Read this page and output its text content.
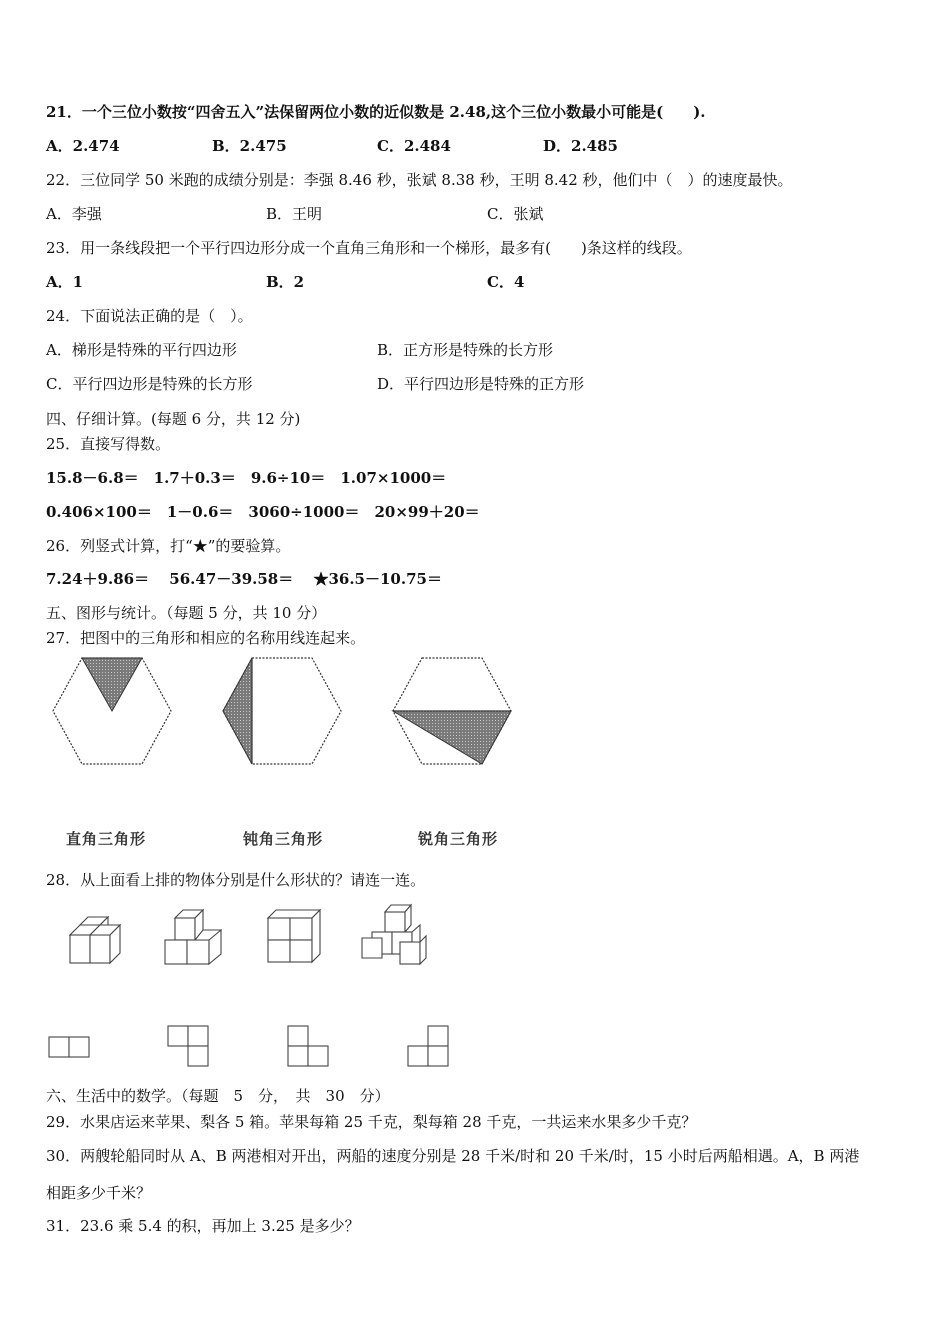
21．一个三位小数按“四舍五入”法保留两位小数的近似数是 2.48,这个三位小数最小可能是(　　).
A．2.474	B．2.475	C．2.484	D．2.485
22．三位同学 50 米跑的成绩分别是：李强 8.46 秒，张斌 8.38 秒，王明 8.42 秒，他们中（　）的速度最快。
A．李强	B．王明	C．张斌
23．用一条线段把一个平行四边形分成一个直角三角形和一个梯形，最多有(　　)条这样的线段。
A．1	B．2	C．4
24．下面说法正确的是（　）。
A．梯形是特殊的平行四边形	B．正方形是特殊的长方形
C．平行四边形是特殊的长方形	D．平行四边形是特殊的正方形
四、仔细计算。(每题 6 分，共 12 分)
25．直接写得数。
15.8－6.8＝　1.7＋0.3＝　9.6÷10＝　1.07×1000＝
0.406×100＝　1－0.6＝　3060÷1000＝　20×99＋20＝
26．列竖式计算，打“★”的要验算。
7.24＋9.86＝　 56.47－39.58＝　 ★36.5－10.75＝
五、图形与统计。（每题 5 分，共 10 分）
27．把图中的三角形和相应的名称用线连起来。
直角三角形	钝角三角形	锐角三角形
28．从上面看上排的物体分别是什么形状的？请连一连。
六、生活中的数学。（每题　5　分，　共　30　分）
29．水果店运来苹果、梨各 5 箱。苹果每箱 25 千克，梨每箱 28 千克，一共运来水果多少千克？
30．两艘轮船同时从 A、B 两港相对开出，两船的速度分别是 28 千米/时和 20 千米/时，15 小时后两船相遇。A，B 两港
相距多少千米？
31．23.6 乘 5.4 的积，再加上 3.25 是多少？
